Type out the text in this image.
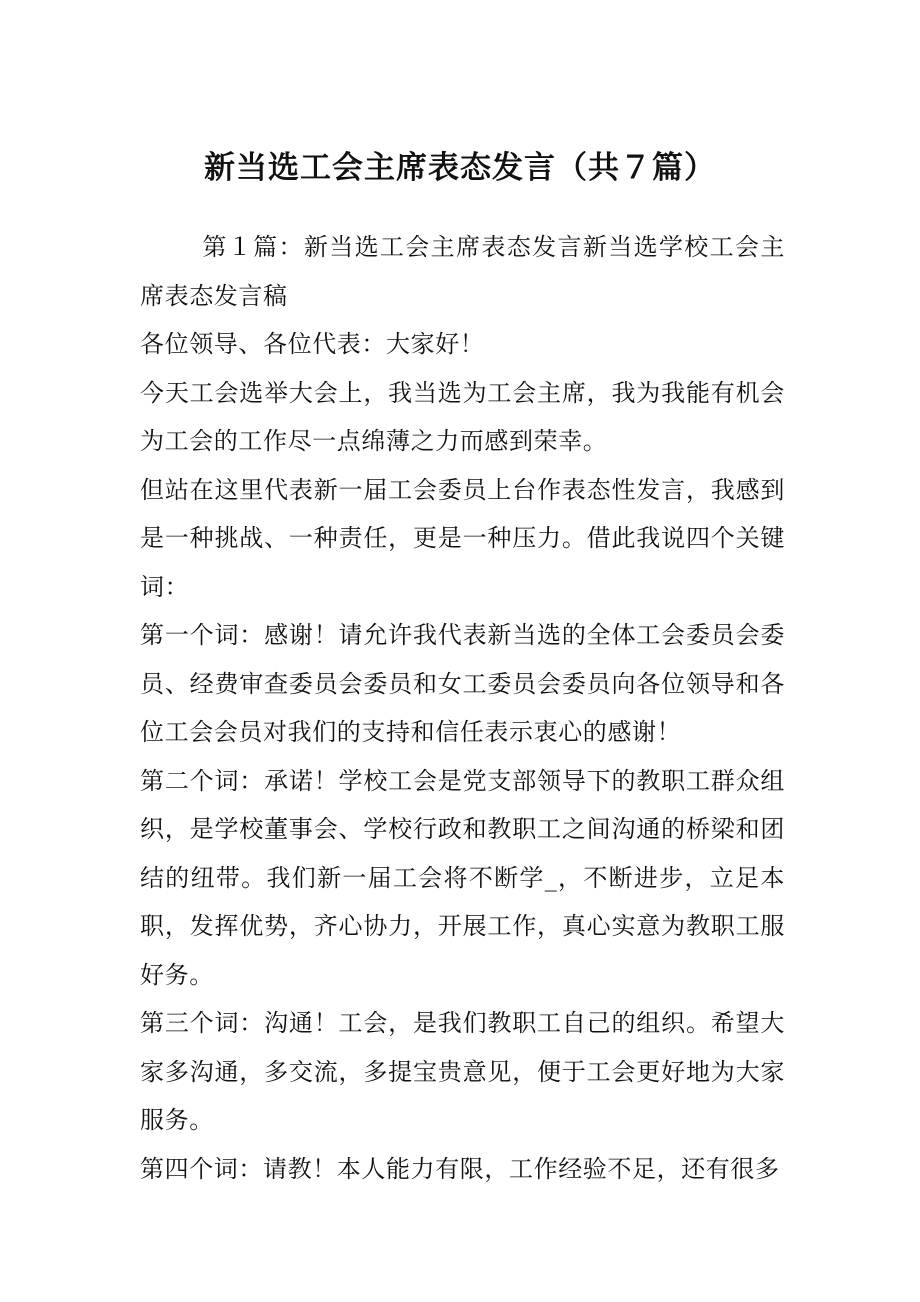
新当选工会主席表态发言（共７篇）

第１篇：新当选工会主席表态发言新当选学校工会主席表态发言稿

各位领导、各位代表：大家好！

今天工会选举大会上，我当选为工会主席，我为我能有机会为工会的工作尽一点绵薄之力而感到荣幸。

但站在这里代表新一届工会委员上台作表态性发言，我感到是一种挑战、一种责任，更是一种压力。借此我说四个关键词：

第一个词：感谢！请允许我代表新当选的全体工会委员会委员、经费审查委员会委员和女工委员会委员向各位领导和各位工会会员对我们的支持和信任表示衷心的感谢！

第二个词：承诺！学校工会是党支部领导下的教职工群众组织，是学校董事会、学校行政和教职工之间沟通的桥梁和团结的纽带。我们新一届工会将不断学_，不断进步，立足本职，发挥优势，齐心协力，开展工作，真心实意为教职工服好务。

第三个词：沟通！工会，是我们教职工自己的组织。希望大家多沟通，多交流，多提宝贵意见，便于工会更好地为大家服务。

第四个词：请教！本人能力有限，工作经验不足，还有很多
